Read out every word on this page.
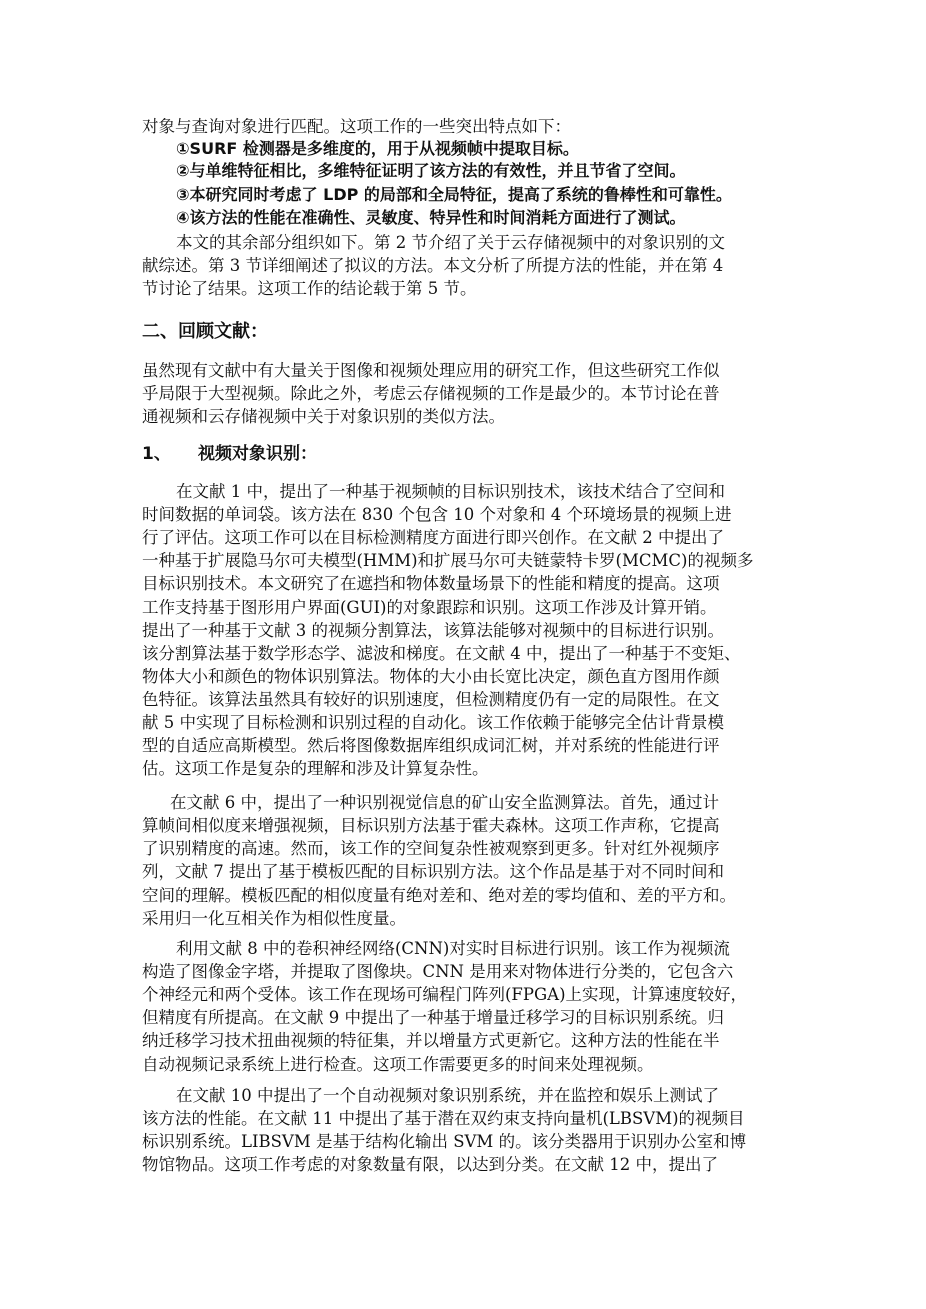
对象与查询对象进行匹配。这项工作的一些突出特点如下：
①SURF 检测器是多维度的，用于从视频帧中提取目标。
②与单维特征相比，多维特征证明了该方法的有效性，并且节省了空间。
③本研究同时考虑了 LDP 的局部和全局特征，提高了系统的鲁棒性和可靠性。
④该方法的性能在准确性、灵敏度、特异性和时间消耗方面进行了测试。
本文的其余部分组织如下。第 2 节介绍了关于云存储视频中的对象识别的文
献综述。第 3 节详细阐述了拟议的方法。本文分析了所提方法的性能，并在第 4
节讨论了结果。这项工作的结论载于第 5 节。
二、回顾文献：
虽然现有文献中有大量关于图像和视频处理应用的研究工作，但这些研究工作似
乎局限于大型视频。除此之外，考虑云存储视频的工作是最少的。本节讨论在普
通视频和云存储视频中关于对象识别的类似方法。
1、 视频对象识别：
在文献 1 中，提出了一种基于视频帧的目标识别技术，该技术结合了空间和
时间数据的单词袋。该方法在 830 个包含 10 个对象和 4 个环境场景的视频上进
行了评估。这项工作可以在目标检测精度方面进行即兴创作。在文献 2 中提出了
一种基于扩展隐马尔可夫模型(HMM)和扩展马尔可夫链蒙特卡罗(MCMC)的视频多
目标识别技术。本文研究了在遮挡和物体数量场景下的性能和精度的提高。这项
工作支持基于图形用户界面(GUI)的对象跟踪和识别。这项工作涉及计算开销。
提出了一种基于文献 3 的视频分割算法，该算法能够对视频中的目标进行识别。
该分割算法基于数学形态学、滤波和梯度。在文献 4 中，提出了一种基于不变矩、
物体大小和颜色的物体识别算法。物体的大小由长宽比决定，颜色直方图用作颜
色特征。该算法虽然具有较好的识别速度，但检测精度仍有一定的局限性。在文
献 5 中实现了目标检测和识别过程的自动化。该工作依赖于能够完全估计背景模
型的自适应高斯模型。然后将图像数据库组织成词汇树，并对系统的性能进行评
估。这项工作是复杂的理解和涉及计算复杂性。
在文献 6 中，提出了一种识别视觉信息的矿山安全监测算法。首先，通过计
算帧间相似度来增强视频，目标识别方法基于霍夫森林。这项工作声称，它提高
了识别精度的高速。然而，该工作的空间复杂性被观察到更多。针对红外视频序
列，文献 7 提出了基于模板匹配的目标识别方法。这个作品是基于对不同时间和
空间的理解。模板匹配的相似度量有绝对差和、绝对差的零均值和、差的平方和。
采用归一化互相关作为相似性度量。
利用文献 8 中的卷积神经网络(CNN)对实时目标进行识别。该工作为视频流
构造了图像金字塔，并提取了图像块。CNN 是用来对物体进行分类的，它包含六
个神经元和两个受体。该工作在现场可编程门阵列(FPGA)上实现，计算速度较好，
但精度有所提高。在文献 9 中提出了一种基于增量迁移学习的目标识别系统。归
纳迁移学习技术扭曲视频的特征集，并以增量方式更新它。这种方法的性能在半
自动视频记录系统上进行检查。这项工作需要更多的时间来处理视频。
在文献 10 中提出了一个自动视频对象识别系统，并在监控和娱乐上测试了
该方法的性能。在文献 11 中提出了基于潜在双约束支持向量机(LBSVM)的视频目
标识别系统。LIBSVM 是基于结构化输出 SVM 的。该分类器用于识别办公室和博
物馆物品。这项工作考虑的对象数量有限，以达到分类。在文献 12 中，提出了
